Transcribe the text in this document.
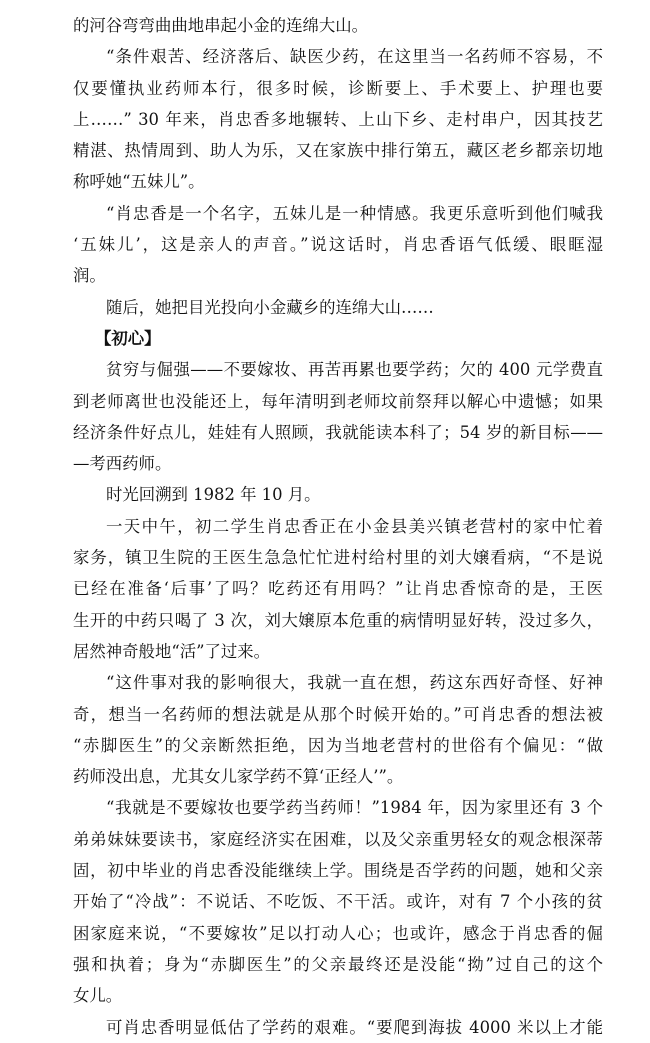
的河谷弯弯曲曲地串起小金的连绵大山。
“条件艰苦、经济落后、缺医少药，在这里当一名药师不容易，不
仅要懂执业药师本行，很多时候，诊断要上、手术要上、护理也要
上……” 30 年来，肖忠香多地辗转、上山下乡、走村串户，因其技艺
精湛、热情周到、助人为乐，又在家族中排行第五，藏区老乡都亲切地
称呼她“五妹儿”。
“肖忠香是一个名字，五妹儿是一种情感。我更乐意听到他们喊我
‘五妹儿’，这是亲人的声音。”说这话时，肖忠香语气低缓、眼眶湿
润。
随后，她把目光投向小金藏乡的连绵大山……
【初心】
贫穷与倔强——不要嫁妆、再苦再累也要学药；欠的 400 元学费直
到老师离世也没能还上，每年清明到老师坟前祭拜以解心中遗憾；如果
经济条件好点儿，娃娃有人照顾，我就能读本科了；54 岁的新目标——
—考西药师。
时光回溯到 1982 年 10 月。
一天中午，初二学生肖忠香正在小金县美兴镇老营村的家中忙着
家务，镇卫生院的王医生急急忙忙进村给村里的刘大嬢看病，“不是说
已经在准备‘后事’了吗？吃药还有用吗？”让肖忠香惊奇的是，王医
生开的中药只喝了 3 次，刘大嬢原本危重的病情明显好转，没过多久，
居然神奇般地“活”了过来。
“这件事对我的影响很大，我就一直在想，药这东西好奇怪、好神
奇，想当一名药师的想法就是从那个时候开始的。”可肖忠香的想法被
“赤脚医生”的父亲断然拒绝，因为当地老营村的世俗有个偏见：“做
药师没出息，尤其女儿家学药不算‘正经人’”。
“我就是不要嫁妆也要学药当药师！”1984 年，因为家里还有 3 个
弟弟妹妹要读书，家庭经济实在困难，以及父亲重男轻女的观念根深蒂
固，初中毕业的肖忠香没能继续上学。围绕是否学药的问题，她和父亲
开始了“冷战”：不说话、不吃饭、不干活。或许，对有 7 个小孩的贫
困家庭来说，“不要嫁妆”足以打动人心；也或许，感念于肖忠香的倔
强和执着；身为“赤脚医生”的父亲最终还是没能“拗”过自己的这个
女儿。
可肖忠香明显低估了学药的艰难。“要爬到海拔 4000 米以上才能
